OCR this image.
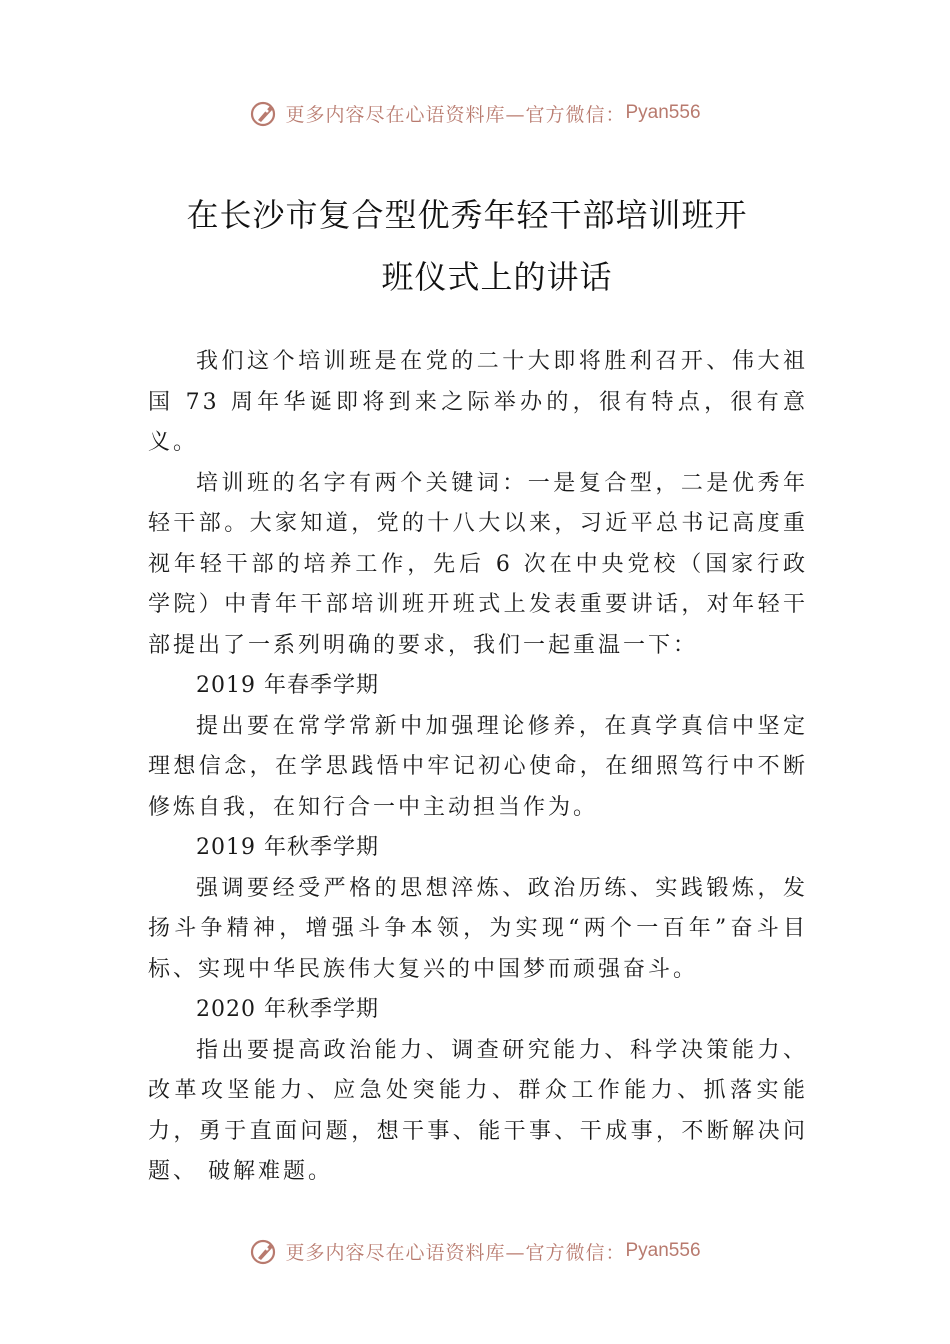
更多内容尽在心语资料库—官方微信： Pyan556
在长沙市复合型优秀年轻干部培训班开
班仪式上的讲话

我们这个培训班是在党的二十大即将胜利召开、伟大祖国 73 周年华诞即将到来之际举办的，很有特点，很有意义。

培训班的名字有两个关键词：一是复合型，二是优秀年轻干部。大家知道，党的十八大以来，习近平总书记高度重视年轻干部的培养工作，先后 6 次在中央党校（国家行政学院）中青年干部培训班开班式上发表重要讲话，对年轻干部提出了一系列明确的要求，我们一起重温一下：

2019 年春季学期

提出要在常学常新中加强理论修养，在真学真信中坚定理想信念，在学思践悟中牢记初心使命，在细照笃行中不断修炼自我，在知行合一中主动担当作为。

2019 年秋季学期

强调要经受严格的思想淬炼、政治历练、实践锻炼，发扬斗争精神，增强斗争本领，为实现“两个一百年”奋斗目标、实现中华民族伟大复兴的中国梦而顽强奋斗。

2020 年秋季学期

指出要提高政治能力、调查研究能力、科学决策能力、改革攻坚能力、应急处突能力、群众工作能力、抓落实能力，勇于直面问题，想干事、能干事、干成事，不断解决问题、 破解难题。

更多内容尽在心语资料库—官方微信： Pyan556
